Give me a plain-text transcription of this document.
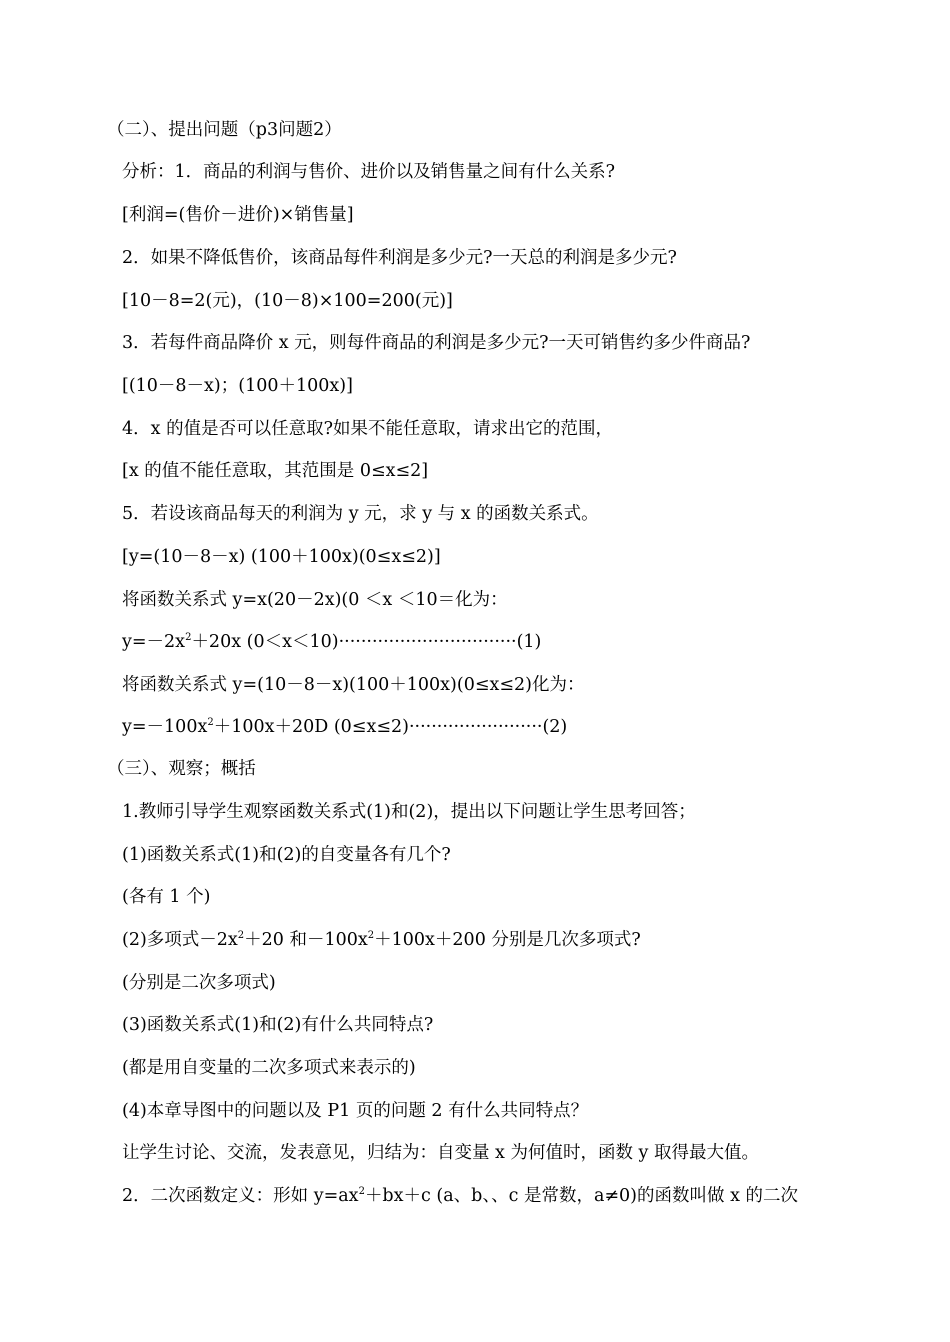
（二）、提出问题（p3问题2）
分析：1．商品的利润与售价、进价以及销售量之间有什么关系?
[利润=(售价－进价)×销售量]
2．如果不降低售价，该商品每件利润是多少元?一天总的利润是多少元?
[10－8=2(元)，(10－8)×100=200(元)]
3．若每件商品降价 x 元，则每件商品的利润是多少元?一天可销售约多少件商品?
[(10－8－x)；(100＋100x)]
4．x 的值是否可以任意取?如果不能任意取，请求出它的范围，
[x 的值不能任意取，其范围是 0≤x≤2]
5．若设该商品每天的利润为 y 元，求 y 与 x 的函数关系式。
[y=(10－8－x) (100＋100x)(0≤x≤2)]
将函数关系式 y=x(20－2x)(0 ＜x ＜10＝化为：
$y=-2x^2+20x$ (0＜x＜10)································(1)
将函数关系式 y=(10－8－x)(100＋100x)(0≤x≤2)化为：
$y=-100x^2+100x+20D$ (0≤x≤2)························(2)
（三）、观察；概括
1.教师引导学生观察函数关系式(1)和(2)，提出以下问题让学生思考回答；
(1)函数关系式(1)和(2)的自变量各有几个?
(各有 1 个)
(2)多项式$-2x^2+20$ 和$-100x^2+100x+200$ 分别是几次多项式?
(分别是二次多项式)
(3)函数关系式(1)和(2)有什么共同特点?
(都是用自变量的二次多项式来表示的)
(4)本章导图中的问题以及 P1 页的问题 2 有什么共同特点？
让学生讨论、交流，发表意见，归结为：自变量 x 为何值时，函数 y 取得最大值。
2．二次函数定义：形如 $y=ax^2+bx+c$ (a、b、、c 是常数，a≠0)的函数叫做 x 的二次
